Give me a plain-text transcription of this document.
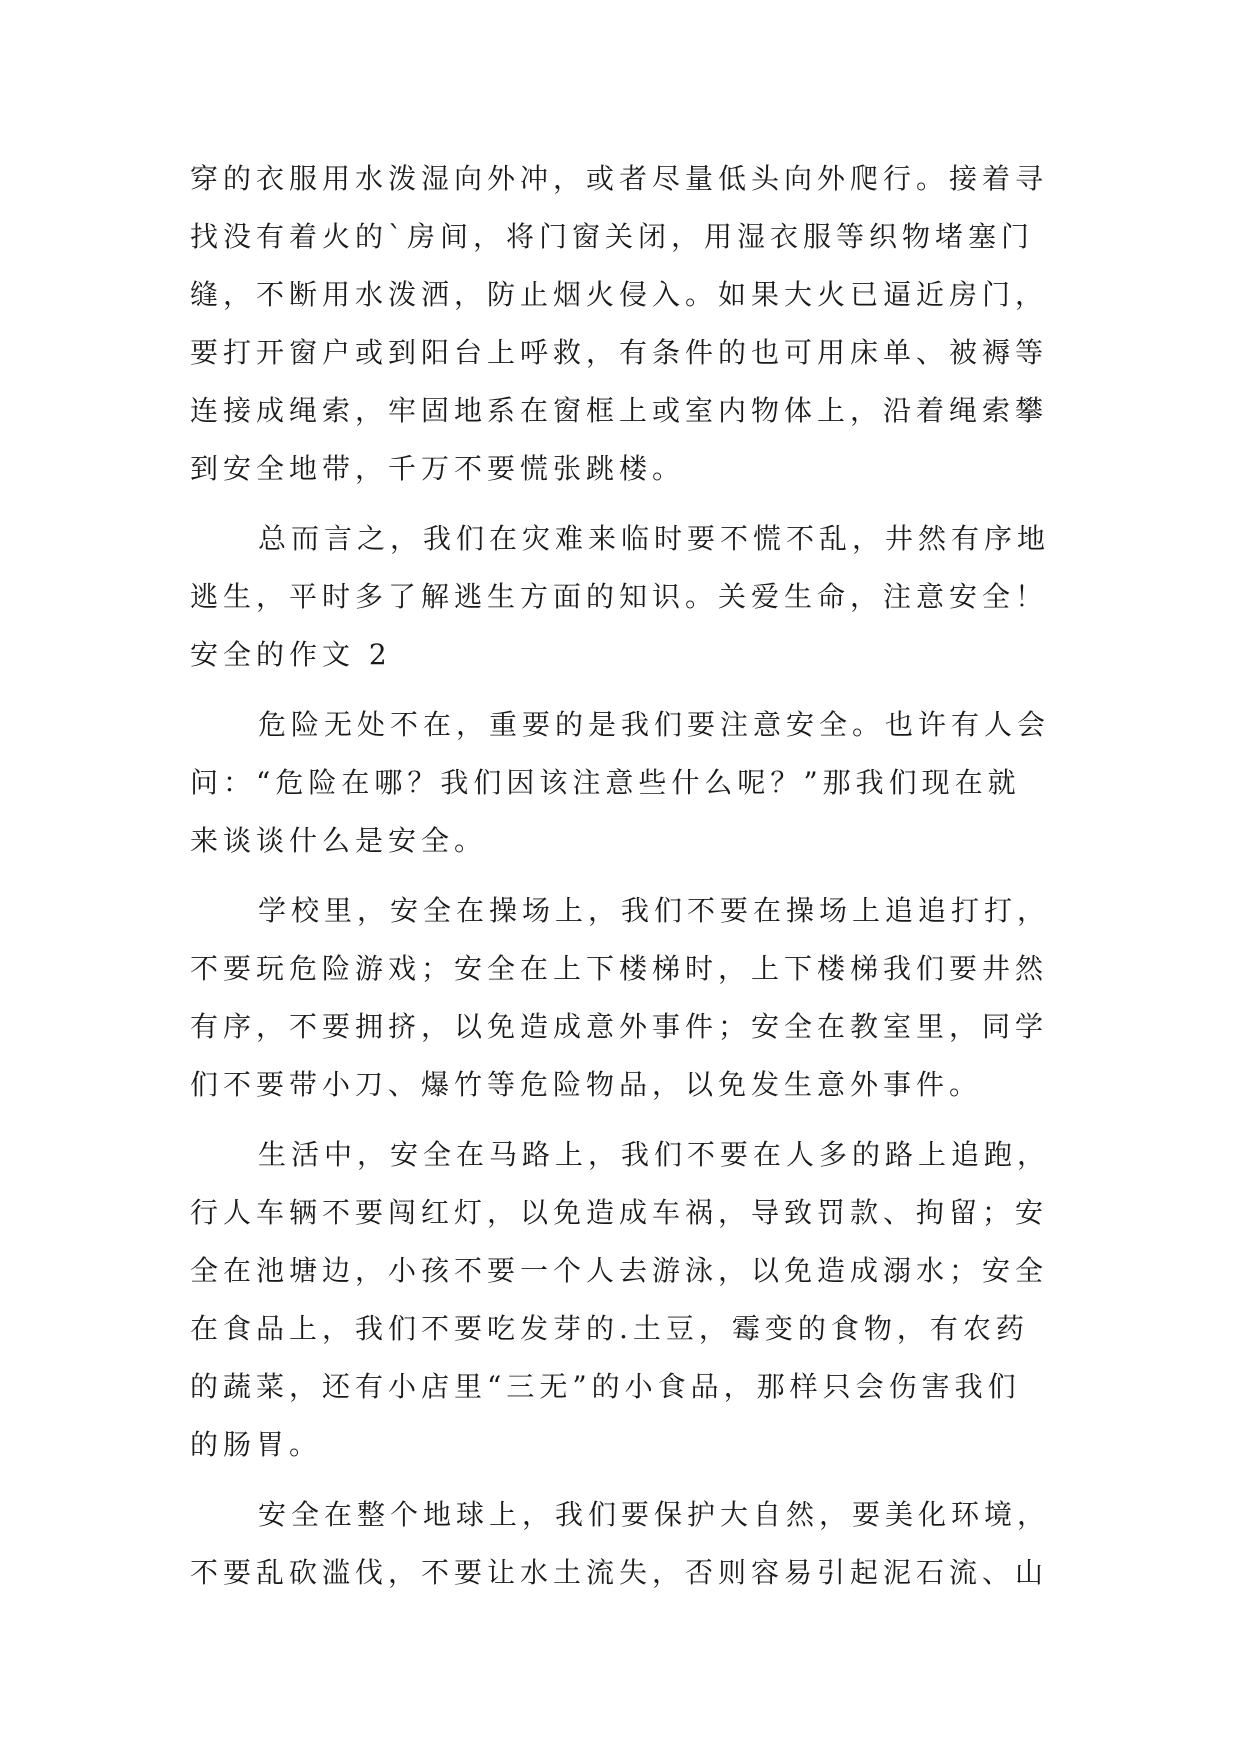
穿的衣服用水泼湿向外冲，或者尽量低头向外爬行。接着寻
找没有着火的`房间，将门窗关闭，用湿衣服等织物堵塞门
缝，不断用水泼洒，防止烟火侵入。如果大火已逼近房门，
要打开窗户或到阳台上呼救，有条件的也可用床单、被褥等
连接成绳索，牢固地系在窗框上或室内物体上，沿着绳索攀
到安全地带，千万不要慌张跳楼。
总而言之，我们在灾难来临时要不慌不乱，井然有序地
逃生，平时多了解逃生方面的知识。关爱生命，注意安全！
安全的作文 2
危险无处不在，重要的是我们要注意安全。也许有人会
问：“危险在哪？我们因该注意些什么呢？”那我们现在就
来谈谈什么是安全。
学校里，安全在操场上，我们不要在操场上追追打打，
不要玩危险游戏；安全在上下楼梯时，上下楼梯我们要井然
有序，不要拥挤，以免造成意外事件；安全在教室里，同学
们不要带小刀、爆竹等危险物品，以免发生意外事件。
生活中，安全在马路上，我们不要在人多的路上追跑，
行人车辆不要闯红灯，以免造成车祸，导致罚款、拘留；安
全在池塘边，小孩不要一个人去游泳，以免造成溺水；安全
在食品上，我们不要吃发芽的.土豆，霉变的食物，有农药
的蔬菜，还有小店里“三无”的小食品，那样只会伤害我们
的肠胃。
安全在整个地球上，我们要保护大自然，要美化环境，
不要乱砍滥伐，不要让水土流失，否则容易引起泥石流、山
